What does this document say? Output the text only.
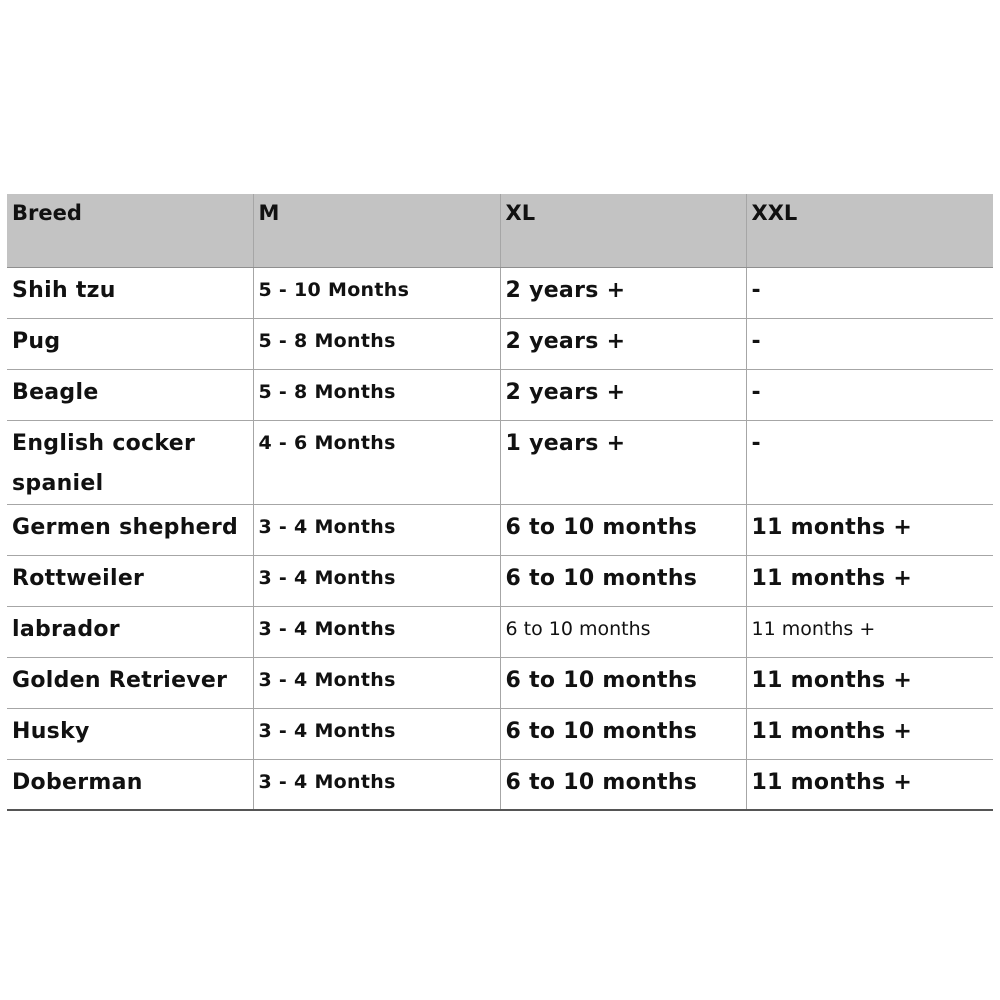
Breed	M	XL	XXL
Shih tzu	5 - 10 Months	2 years +	-
Pug	5 - 8 Months	2 years +	-
Beagle	5 - 8 Months	2 years +	-
English cocker spaniel	4 - 6 Months	1 years +	-
Germen shepherd	3 - 4 Months	6 to 10 months	11 months +
Rottweiler	3 - 4 Months	6 to 10 months	11 months +
labrador	3 - 4 Months	6 to 10 months	11 months +
Golden Retriever	3 - 4 Months	6 to 10 months	11 months +
Husky	3 - 4 Months	6 to 10 months	11 months +
Doberman	3 - 4 Months	6 to 10 months	11 months +
